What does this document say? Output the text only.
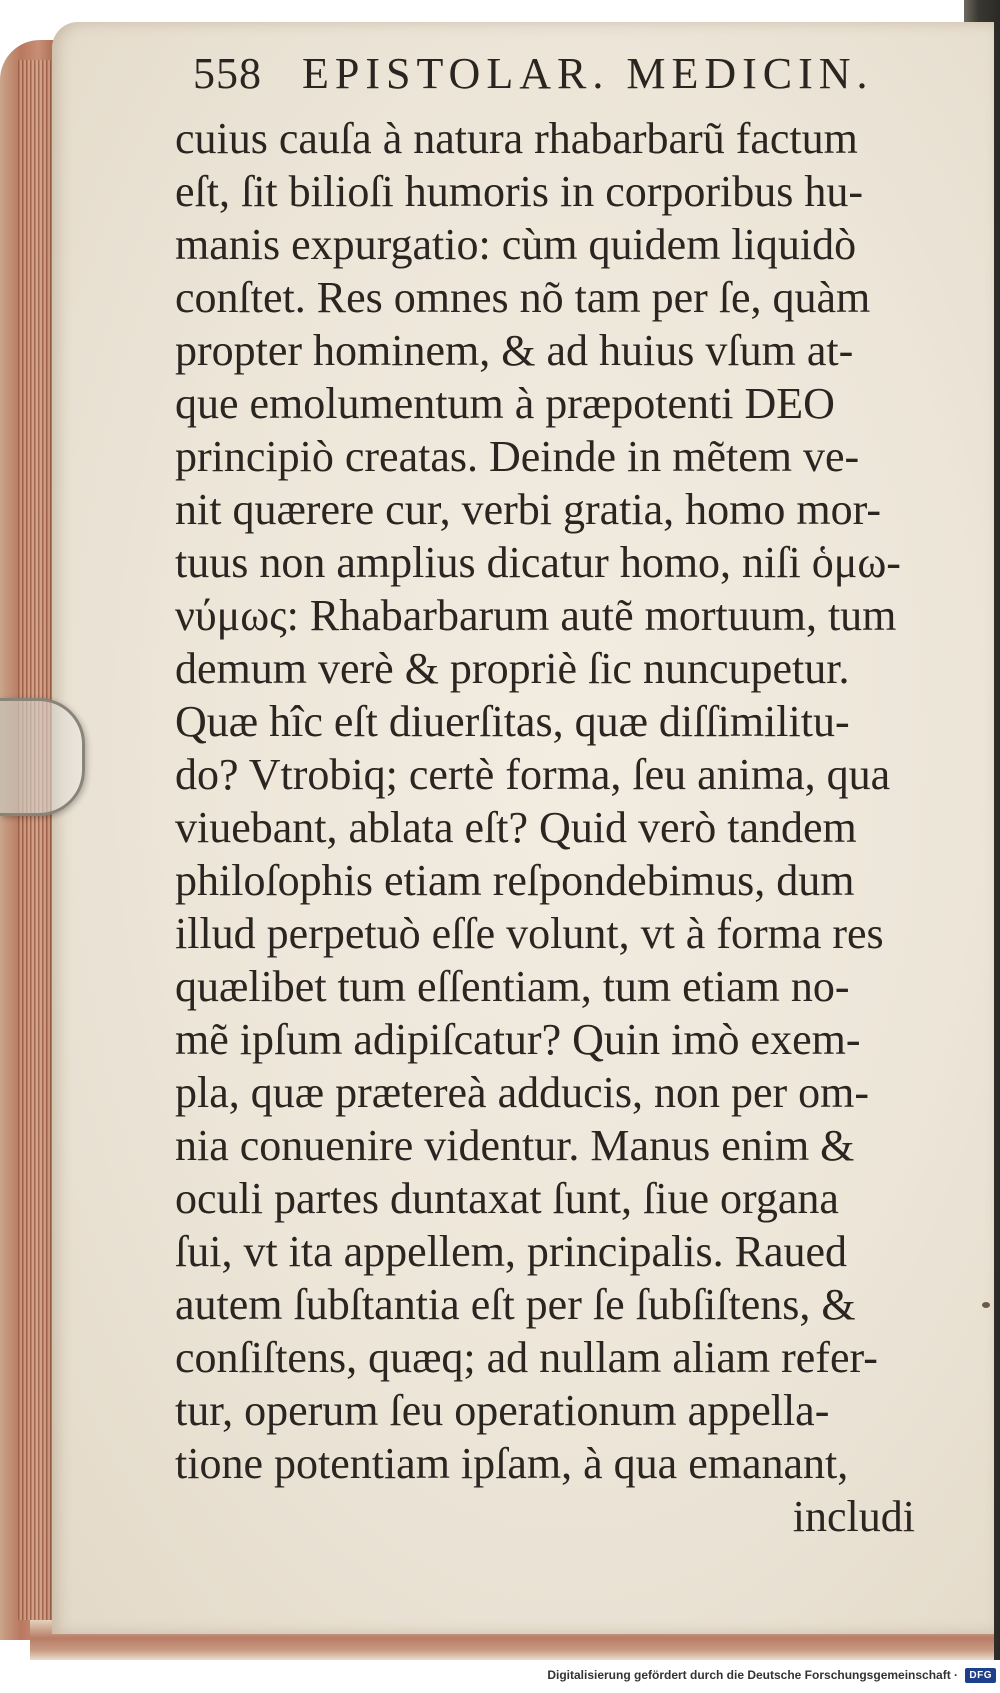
558 EPISTOLAR. MEDICIN.
cuius cauſa à natura rhabarbarũ factum
eſt, ſit bilioſi humoris in corporibus hu-
manis expurgatio: cùm quidem liquidò
conſtet. Res omnes nõ tam per ſe, quàm
propter hominem, & ad huius vſum at-
que emolumentum à præpotenti DEO
principiò creatas. Deinde in mẽtem ve-
nit quærere cur, verbi gratia, homo mor-
tuus non amplius dicatur homo, niſi ὁμω-
νύμως: Rhabarbarum autẽ mortuum, tum
demum verè & propriè ſic nuncupetur.
Quæ hîc eſt diuerſitas, quæ diſſimilitu-
do? Vtrobiq; certè forma, ſeu anima, qua
viuebant, ablata eſt? Quid verò tandem
philoſophis etiam reſpondebimus, dum
illud perpetuò eſſe volunt, vt à forma res
quælibet tum eſſentiam, tum etiam no-
mẽ ipſum adipiſcatur? Quin imò exem-
pla, quæ prætereà adducis, non per om-
nia conuenire videntur. Manus enim &
oculi partes duntaxat ſunt, ſiue organa
ſui, vt ita appellem, principalis. Raued
autem ſubſtantia eſt per ſe ſubſiſtens, &
conſiſtens, quæq; ad nullam aliam refer-
tur, operum ſeu operationum appella-
tione potentiam ipſam, à qua emanant,
includi
Digitalisierung gefördert durch die Deutsche Forschungsgemeinschaft · DFG
